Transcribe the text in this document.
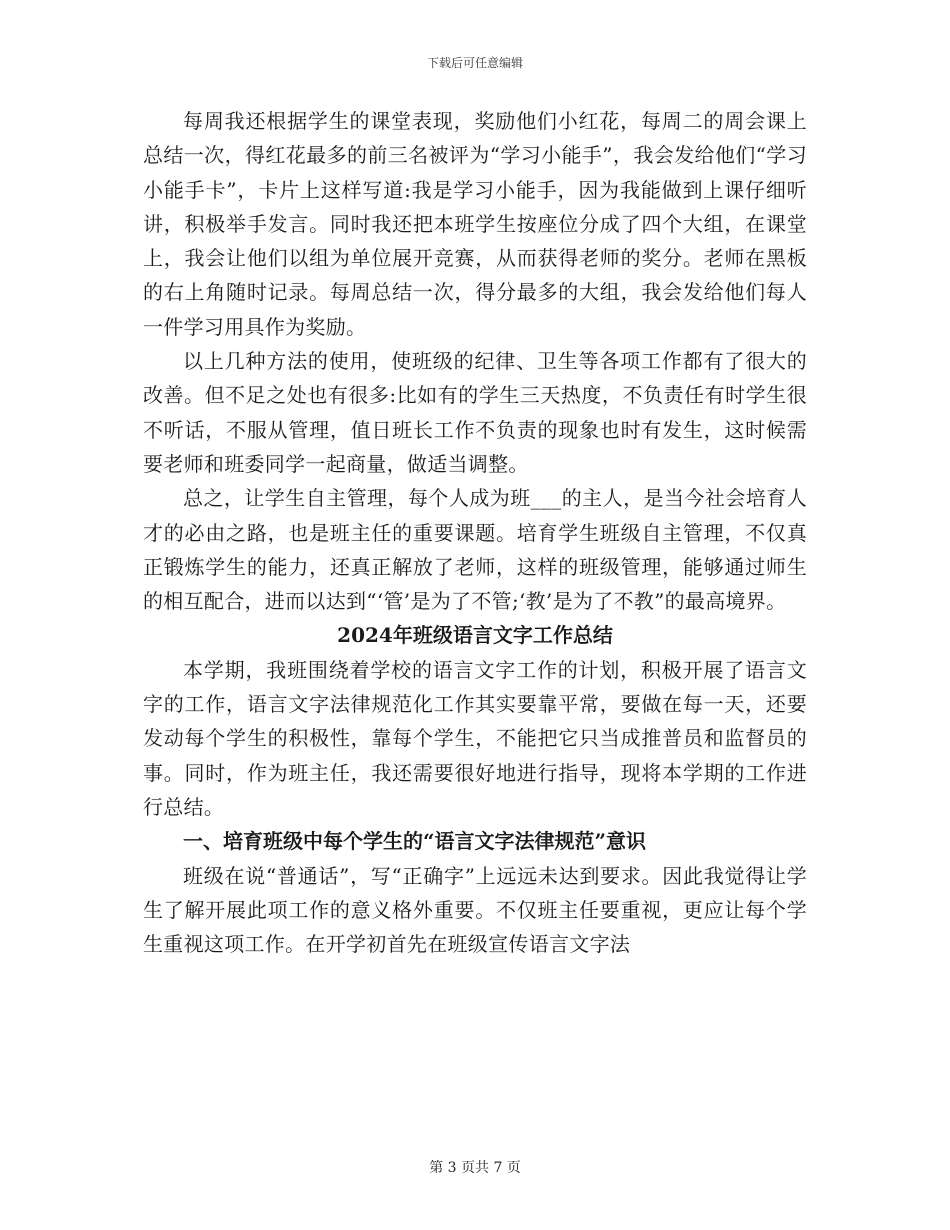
下载后可任意编辑

每周我还根据学生的课堂表现，奖励他们小红花，每周二的周会课上总结一次，得红花最多的前三名被评为“学习小能手”，我会发给他们“学习小能手卡”，卡片上这样写道:我是学习小能手，因为我能做到上课仔细听讲，积极举手发言。同时我还把本班学生按座位分成了四个大组，在课堂上，我会让他们以组为单位展开竞赛，从而获得老师的奖分。老师在黑板的右上角随时记录。每周总结一次，得分最多的大组，我会发给他们每人一件学习用具作为奖励。

以上几种方法的使用，使班级的纪律、卫生等各项工作都有了很大的改善。但不足之处也有很多:比如有的学生三天热度，不负责任有时学生很不听话，不服从管理，值日班长工作不负责的现象也时有发生，这时候需要老师和班委同学一起商量，做适当调整。

总之，让学生自主管理，每个人成为班___的主人，是当今社会培育人才的必由之路，也是班主任的重要课题。培育学生班级自主管理，不仅真正锻炼学生的能力，还真正解放了老师，这样的班级管理，能够通过师生的相互配合，进而以达到“‘管’是为了不管;‘教’是为了不教”的最高境界。

2024年班级语言文字工作总结

本学期，我班围绕着学校的语言文字工作的计划，积极开展了语言文字的工作，语言文字法律规范化工作其实要靠平常，要做在每一天，还要发动每个学生的积极性，靠每个学生，不能把它只当成推普员和监督员的事。同时，作为班主任，我还需要很好地进行指导，现将本学期的工作进行总结。

一、培育班级中每个学生的“语言文字法律规范”意识

班级在说“普通话”，写“正确字”上远远未达到要求。因此我觉得让学生了解开展此项工作的意义格外重要。不仅班主任要重视，更应让每个学生重视这项工作。在开学初首先在班级宣传语言文字法

第 3 页共 7 页
